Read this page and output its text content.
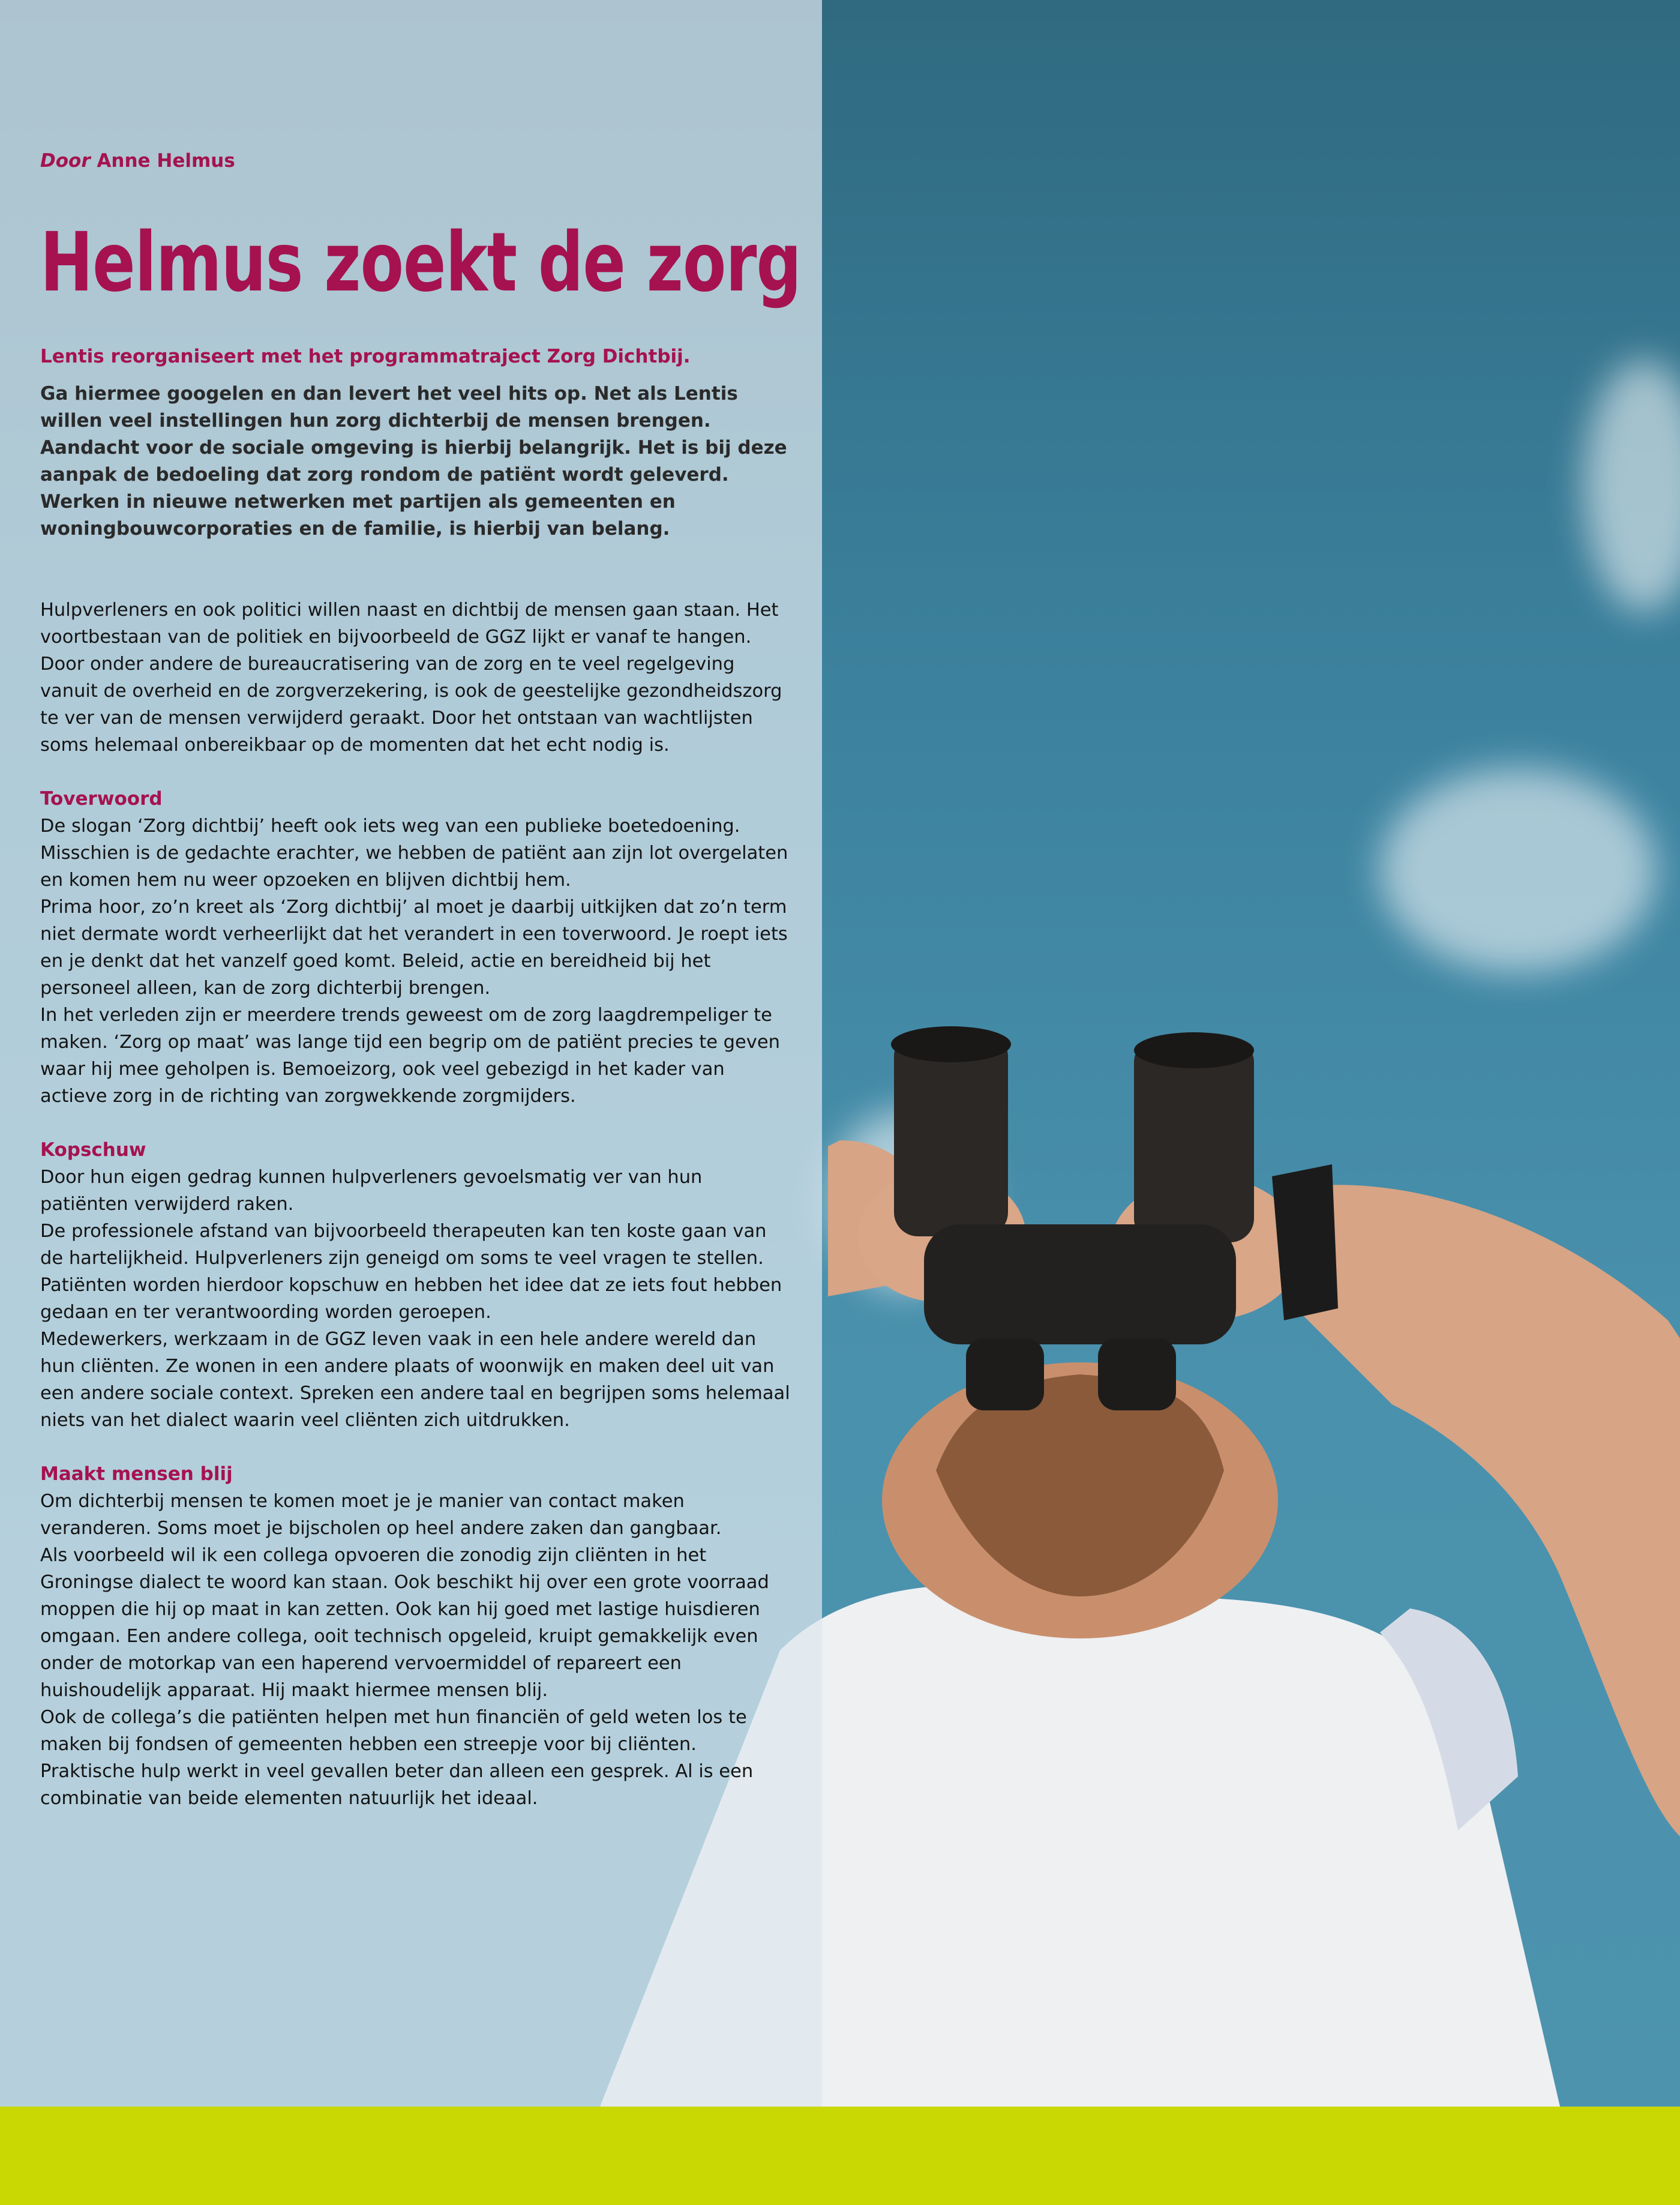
Door Anne Helmus

Helmus zoekt de zorg

Lentis reorganiseert met het programmatraject Zorg Dichtbij.

Ga hiermee googelen en dan levert het veel hits op. Net als Lentis willen veel instellingen hun zorg dichterbij de mensen brengen. Aandacht voor de sociale omgeving is hierbij belangrijk. Het is bij deze aanpak de bedoeling dat zorg rondom de patiënt wordt geleverd. Werken in nieuwe netwerken met partijen als gemeenten en woningbouwcorporaties en de familie, is hierbij van belang.

Hulpverleners en ook politici willen naast en dichtbij de mensen gaan staan. Het voortbestaan van de politiek en bijvoorbeeld de GGZ lijkt er vanaf te hangen.

Door onder andere de bureaucratisering van de zorg en te veel regelgeving vanuit de overheid en de zorgverzekering, is ook de geestelijke gezondheidszorg te ver van de mensen verwijderd geraakt. Door het ontstaan van wachtlijsten soms helemaal onbereikbaar op de momenten dat het echt nodig is.

Toverwoord

De slogan ‘Zorg dichtbij’ heeft ook iets weg van een publieke boetedoening. Misschien is de gedachte erachter, we hebben de patiënt aan zijn lot overgelaten en komen hem nu weer opzoeken en blijven dichtbij hem.

Prima hoor, zo’n kreet als ‘Zorg dichtbij’ al moet je daarbij uitkijken dat zo’n term niet dermate wordt verheerlijkt dat het verandert in een toverwoord. Je roept iets en je denkt dat het vanzelf goed komt. Beleid, actie en bereidheid bij het personeel alleen, kan de zorg dichterbij brengen.

In het verleden zijn er meerdere trends geweest om de zorg laagdrempeliger te maken. ‘Zorg op maat’ was lange tijd een begrip om de patiënt precies te geven waar hij mee geholpen is. Bemoeizorg, ook veel gebezigd in het kader van actieve zorg in de richting van zorgwekkende zorgmijders.

Kopschuw

Door hun eigen gedrag kunnen hulpverleners gevoelsmatig ver van hun patiënten verwijderd raken.

De professionele afstand van bijvoorbeeld therapeuten kan ten koste gaan van de hartelijkheid. Hulpverleners zijn geneigd om soms te veel vragen te stellen. Patiënten worden hierdoor kopschuw en hebben het idee dat ze iets fout hebben gedaan en ter verantwoording worden geroepen.

Medewerkers, werkzaam in de GGZ leven vaak in een hele andere wereld dan hun cliënten. Ze wonen in een andere plaats of woonwijk en maken deel uit van een andere sociale context. Spreken een andere taal en begrijpen soms helemaal niets van het dialect waarin veel cliënten zich uitdrukken.

Maakt mensen blij

Om dichterbij mensen te komen moet je je manier van contact maken veranderen. Soms moet je bijscholen op heel andere zaken dan gangbaar.

Als voorbeeld wil ik een collega opvoeren die zonodig zijn cliënten in het Groningse dialect te woord kan staan. Ook beschikt hij over een grote voorraad moppen die hij op maat in kan zetten. Ook kan hij goed met lastige huisdieren omgaan. Een andere collega, ooit technisch opgeleid, kruipt gemakkelijk even onder de motorkap van een haperend vervoermiddel of repareert een huishoudelijk apparaat. Hij maakt hiermee mensen blij.

Ook de collega’s die patiënten helpen met hun financiën of geld weten los te maken bij fondsen of gemeenten hebben een streepje voor bij cliënten. Praktische hulp werkt in veel gevallen beter dan alleen een gesprek. Al is een combinatie van beide elementen natuurlijk het ideaal.
